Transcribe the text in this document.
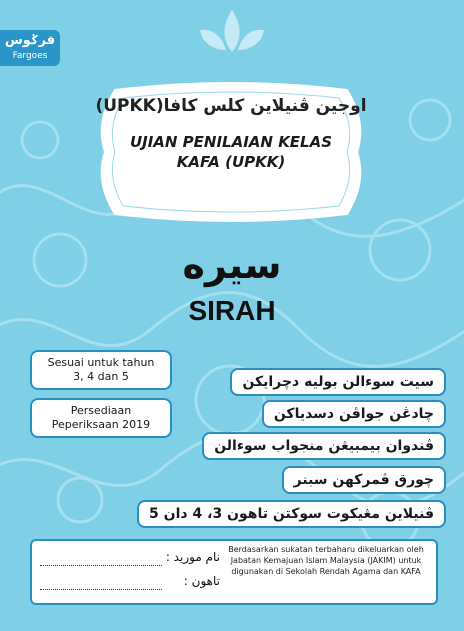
فرݢوس
Fargoes
اوجين ڤنيلاين كلس كافا(UPKK)
UJIAN PENILAIAN KELAS
KAFA (UPKK)
سيره
SIRAH
Sesuai untuk tahun
3, 4 dan 5
Persediaan
Peperiksaan 2019
سيت سوءالن بوليه دچرايكن
چادڠن جواڤن دسدياكن
ڤندوان بيمبيڠن منجواب سوءالن
چورق ڤمركهن سبنر
ڤنيلاين مڠيكوت سوكتن تاهون 3، 4 دان 5
نام موريد :
تاهون :
Berdasarkan sukatan terbaharu dikeluarkan oleh Jabatan Kemajuan Islam Malaysia (JAKIM) untuk digunakan di Sekolah Rendah Agama dan KAFA
